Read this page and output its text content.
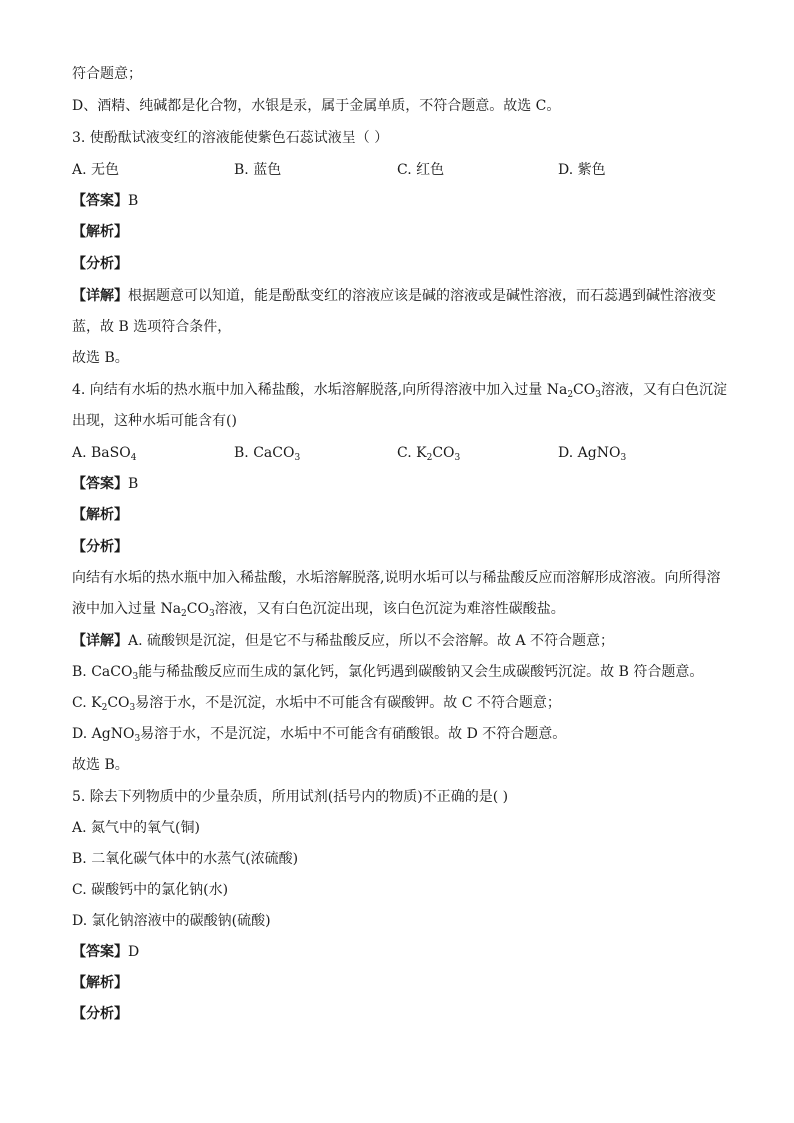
符合题意；
D、酒精、纯碱都是化合物，水银是汞，属于金属单质，不符合题意。故选 C。
3. 使酚酞试液变红的溶液能使紫色石蕊试液呈（ ）
A. 无色	B. 蓝色	C. 红色	D. 紫色
【答案】B
【解析】
【分析】
【详解】根据题意可以知道，能是酚酞变红的溶液应该是碱的溶液或是碱性溶液，而石蕊遇到碱性溶液变
蓝，故 B 选项符合条件，
故选 B。
4. 向结有水垢的热水瓶中加入稀盐酸，水垢溶解脱落,向所得溶液中加入过量 $Na_2CO_3$溶液，又有白色沉淀
出现，这种水垢可能含有()
A. BaSO$_4$	B. CaCO$_3$	C. $K_2CO_3$	D. AgNO$_3$
【答案】B
【解析】
【分析】
向结有水垢的热水瓶中加入稀盐酸，水垢溶解脱落,说明水垢可以与稀盐酸反应而溶解形成溶液。向所得溶
液中加入过量 $Na_2CO_3$溶液，又有白色沉淀出现，该白色沉淀为难溶性碳酸盐。
【详解】A. 硫酸钡是沉淀，但是它不与稀盐酸反应，所以不会溶解。故 A 不符合题意；
B. CaCO$_3$能与稀盐酸反应而生成的氯化钙，氯化钙遇到碳酸钠又会生成碳酸钙沉淀。故 B 符合题意。
C. $K_2CO_3$易溶于水，不是沉淀，水垢中不可能含有碳酸钾。故 C 不符合题意；
D. AgNO$_3$易溶于水，不是沉淀，水垢中不可能含有硝酸银。故 D 不符合题意。
故选 B。
5. 除去下列物质中的少量杂质，所用试剂(括号内的物质)不正确的是( )
A. 氮气中的氧气(铜)
B. 二氧化碳气体中的水蒸气(浓硫酸)
C. 碳酸钙中的氯化钠(水)
D. 氯化钠溶液中的碳酸钠(硫酸)
【答案】D
【解析】
【分析】
